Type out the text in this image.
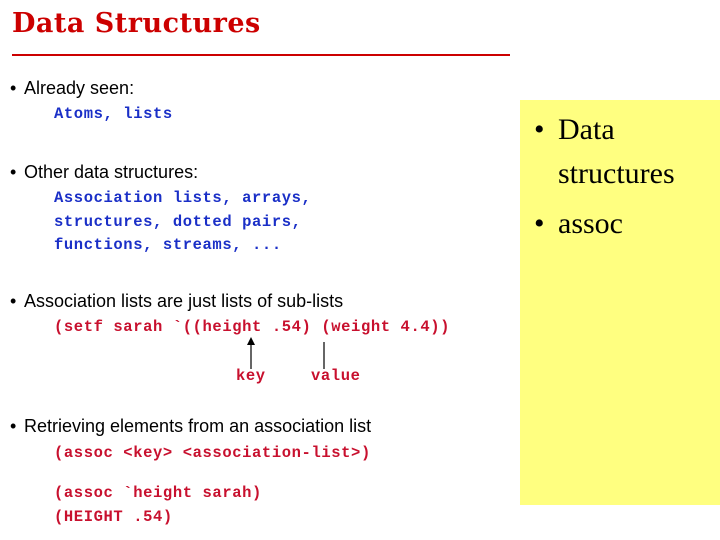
Data Structures
• Already seen:
Atoms, lists
• Other data structures:
Association lists, arrays,
structures, dotted pairs,
functions, streams, ...
• Association lists are just lists of sub-lists
(setf sarah `((height .54) (weight 4.4))
key	value
• Retrieving elements from an association list
(assoc <key> <association-list>)
(assoc `height sarah)
(HEIGHT .54)
• Data structures
• assoc
